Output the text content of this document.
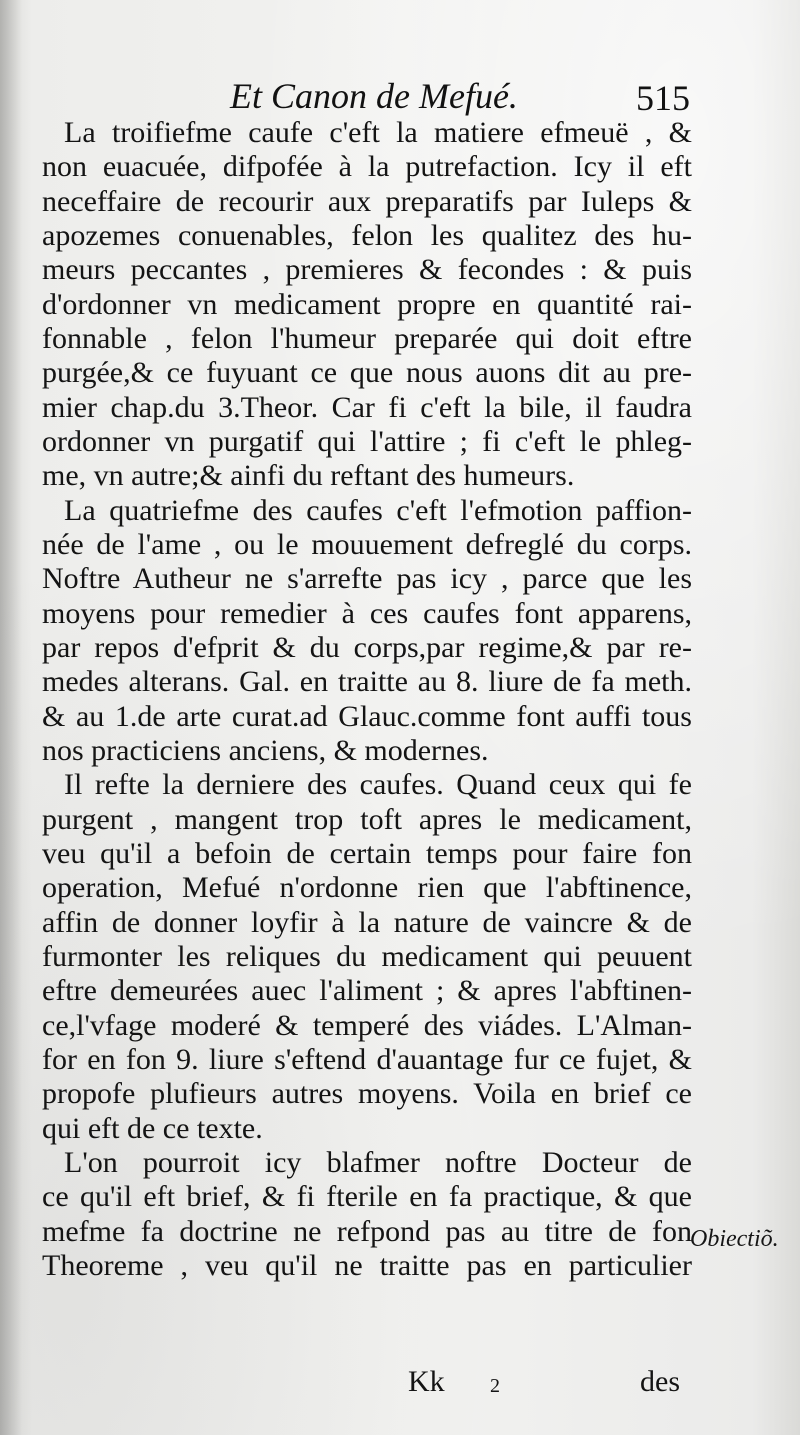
Et Canon de Mefué.	515
La troifiefme caufe c'eft la matiere efmeuë , &
non euacuée, difpofée à la putrefaction. Icy il eft
neceffaire de recourir aux preparatifs par Iuleps &
apozemes conuenables, felon les qualitez des hu-
meurs peccantes , premieres & fecondes : & puis
d'ordonner vn medicament propre en quantité rai-
fonnable , felon l'humeur preparée qui doit eftre
purgée,& ce fuyuant ce que nous auons dit au pre-
mier chap.du 3.Theor. Car fi c'eft la bile, il faudra
ordonner vn purgatif qui l'attire ; fi c'eft le phleg-
me, vn autre;& ainfi du reftant des humeurs.
La quatriefme des caufes c'eft l'efmotion paffion-
née de l'ame , ou le mouuement defreglé du corps.
Noftre Autheur ne s'arrefte pas icy , parce que les
moyens pour remedier à ces caufes font apparens,
par repos d'efprit & du corps,par regime,& par re-
medes alterans. Gal. en traitte au 8. liure de fa meth.
& au 1.de arte curat.ad Glauc.comme font auffi tous
nos practiciens anciens, & modernes.
Il refte la derniere des caufes. Quand ceux qui fe
purgent , mangent trop toft apres le medicament,
veu qu'il a befoin de certain temps pour faire fon
operation, Mefué n'ordonne rien que l'abftinence,
affin de donner loyfir à la nature de vaincre & de
furmonter les reliques du medicament qui peuuent
eftre demeurées auec l'aliment ; & apres l'abftinen-
ce,l'vfage moderé & temperé des viádes. L'Alman-
for en fon 9. liure s'eftend d'auantage fur ce fujet, &
propofe plufieurs autres moyens. Voila en brief ce
qui eft de ce texte.
L'on pourroit icy blafmer noftre Docteur de
ce qu'il eft brief, & fi fterile en fa practique, & que
mefme fa doctrine ne refpond pas au titre de fon
Theoreme , veu qu'il ne traitte pas en particulier
Obiectiõ.
Kk 2	des
